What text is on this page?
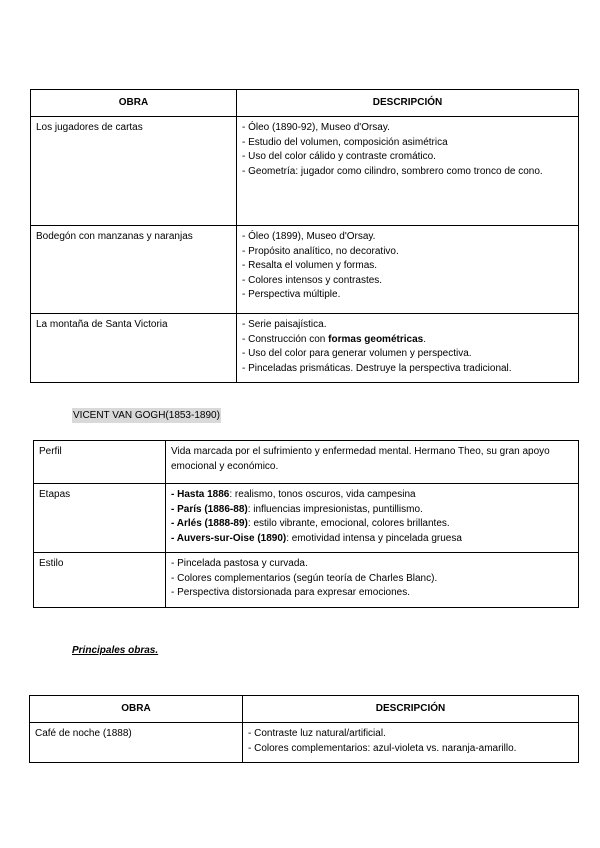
OBRA	DESCRIPCIÓN
Los jugadores de cartas	- Óleo (1890-92), Museo d'Orsay.
- Estudio del volumen, composición asimétrica
- Uso del color cálido y contraste cromático.
- Geometría: jugador como cilindro, sombrero como tronco de cono.

Bodegón con manzanas y naranjas	- Óleo (1899), Museo d'Orsay.
- Propósito analítico, no decorativo.
- Resalta el volumen y formas.
- Colores intensos y contrastes.
- Perspectiva múltiple.

La montaña de Santa Victoria	- Serie paisajística.
- Construcción con formas geométricas.
- Uso del color para generar volumen y perspectiva.
- Pinceladas prismáticas. Destruye la perspectiva tradicional.
VICENT VAN GOGH(1853-1890)
Perfil	Vida marcada por el sufrimiento y enfermedad mental. Hermano Theo, su gran apoyo emocional y económico.
Etapas	- Hasta 1886: realismo, tonos oscuros, vida campesina
- París (1886-88): influencias impresionistas, puntillismo.
- Arlés (1888-89): estilo vibrante, emocional, colores brillantes.
- Auvers-sur-Oise (1890): emotividad intensa y pincelada gruesa

Estilo	- Pincelada pastosa y curvada.
- Colores complementarios (según teoría de Charles Blanc).
- Perspectiva distorsionada para expresar emociones.
Principales obras.
OBRA	DESCRIPCIÓN
Café de noche (1888)	- Contraste luz natural/artificial.
- Colores complementarios: azul-violeta vs. naranja-amarillo.
